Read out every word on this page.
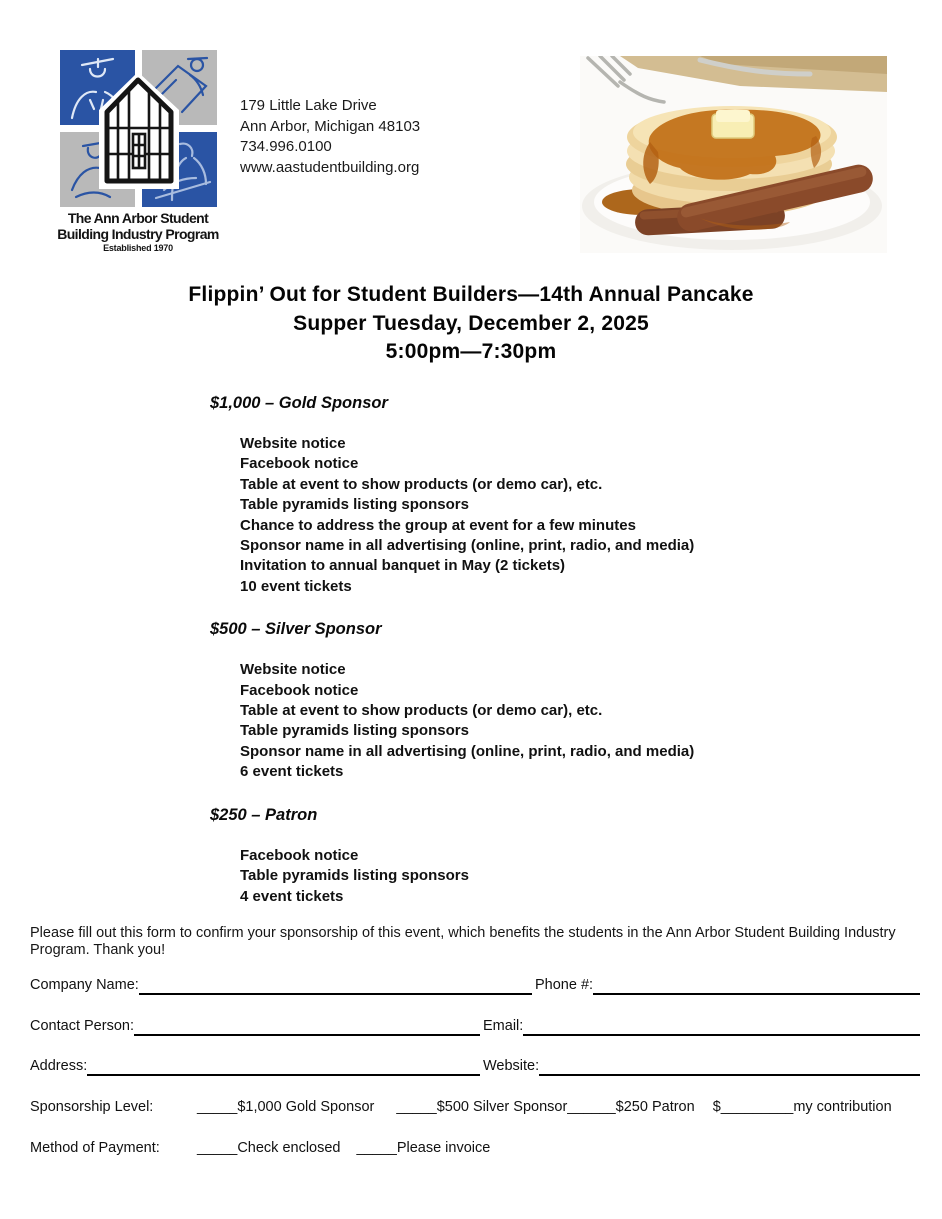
The Ann Arbor Student
Building Industry Program
Established 1970
179 Little Lake Drive
Ann Arbor, Michigan 48103
734.996.0100
www.aastudentbuilding.org
Flippin’ Out for Student Builders—14th Annual Pancake
Supper Tuesday, December 2, 2025
5:00pm—7:30pm
$1,000 – Gold Sponsor
Website notice
Facebook notice
Table at event to show products (or demo car), etc.
Table pyramids listing sponsors
Chance to address the group at event for a few minutes
Sponsor name in all advertising (online, print, radio, and media)
Invitation to annual banquet in May (2 tickets)
10 event tickets
$500 – Silver Sponsor
Website notice
Facebook notice
Table at event to show products (or demo car), etc.
Table pyramids listing sponsors
Sponsor name in all advertising (online, print, radio, and media)
6 event tickets
$250 – Patron
Facebook notice
Table pyramids listing sponsors
4 event tickets
Please fill out this form to confirm your sponsorship of this event, which benefits the students in the Ann Arbor Student Building Industry Program. Thank you!
Company Name:	Phone #:
Contact Person:	Email:
Address:	Website:
Sponsorship Level:	_____$1,000 Gold Sponsor _____$500 Silver Sponsor ______$250 Patron $_________my contribution
Method of Payment:	_____Check enclosed _____Please invoice
